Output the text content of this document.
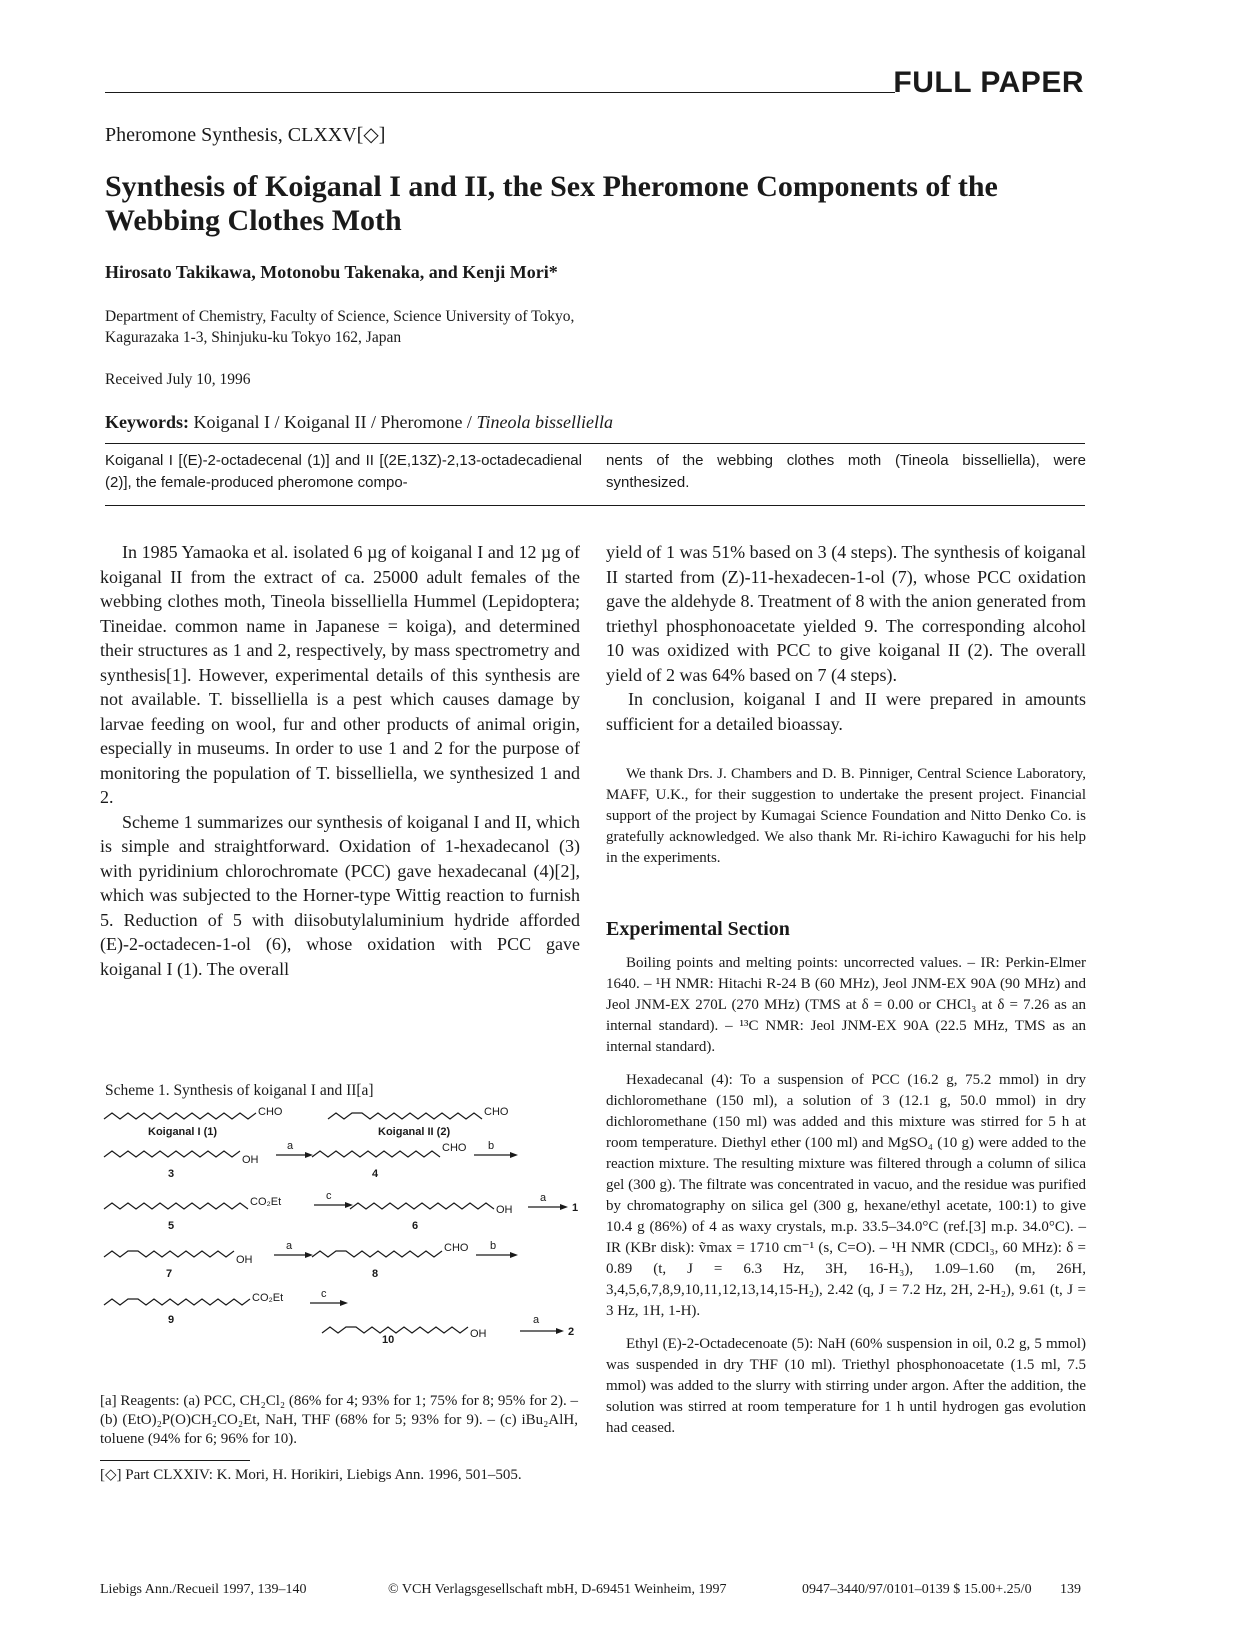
FULL PAPER
Pheromone Synthesis, CLXXV[◇]
Synthesis of Koiganal I and II, the Sex Pheromone Components of the Webbing Clothes Moth
Hirosato Takikawa, Motonobu Takenaka, and Kenji Mori*
Department of Chemistry, Faculty of Science, Science University of Tokyo,
Kagurazaka 1-3, Shinjuku-ku Tokyo 162, Japan
Received July 10, 1996
Keywords: Koiganal I / Koiganal II / Pheromone / Tineola bisselliella
Koiganal I [(E)-2-octadecenal (1)] and II [(2E,13Z)-2,13-octadecadienal (2)], the female-produced pheromone compo-
nents of the webbing clothes moth (Tineola bisselliella), were synthesized.

In 1985 Yamaoka et al. isolated 6 µg of koiganal I and 12 µg of koiganal II from the extract of ca. 25000 adult females of the webbing clothes moth, Tineola bisselliella Hummel (Lepidoptera; Tineidae. common name in Japanese = koiga), and determined their structures as 1 and 2, respectively, by mass spectrometry and synthesis[1]. However, experimental details of this synthesis are not available. T. bisselliella is a pest which causes damage by larvae feeding on wool, fur and other products of animal origin, especially in museums. In order to use 1 and 2 for the purpose of monitoring the population of T. bisselliella, we synthesized 1 and 2.

Scheme 1 summarizes our synthesis of koiganal I and II, which is simple and straightforward. Oxidation of 1-hexadecanol (3) with pyridinium chlorochromate (PCC) gave hexadecanal (4)[2], which was subjected to the Horner-type Wittig reaction to furnish 5. Reduction of 5 with diisobutylaluminium hydride afforded (E)-2-octadecen-1-ol (6), whose oxidation with PCC gave koiganal I (1). The overall

Scheme 1. Synthesis of koiganal I and II[a]
CHO
Koiganal I (1)
CHO
Koiganal II (2)
OH
3
a	CHO
4
b
CO₂Et
5
c
OH
6
a
1
OH
7
a	CHO
8
b
CO₂Et
9
c
OH
10
a
2
[a] Reagents: (a) PCC, CH₂Cl₂ (86% for 4; 93% for 1; 75% for 8; 95% for 2). – (b) (EtO)₂P(O)CH₂CO₂Et, NaH, THF (68% for 5; 93% for 9). – (c) iBu₂AlH, toluene (94% for 6; 96% for 10).
[◇] Part CLXXIV: K. Mori, H. Horikiri, Liebigs Ann. 1996, 501–505.

yield of 1 was 51% based on 3 (4 steps). The synthesis of koiganal II started from (Z)-11-hexadecen-1-ol (7), whose PCC oxidation gave the aldehyde 8. Treatment of 8 with the anion generated from triethyl phosphonoacetate yielded 9. The corresponding alcohol 10 was oxidized with PCC to give koiganal II (2). The overall yield of 2 was 64% based on 7 (4 steps).

In conclusion, koiganal I and II were prepared in amounts sufficient for a detailed bioassay.

We thank Drs. J. Chambers and D. B. Pinniger, Central Science Laboratory, MAFF, U.K., for their suggestion to undertake the present project. Financial support of the project by Kumagai Science Foundation and Nitto Denko Co. is gratefully acknowledged. We also thank Mr. Ri-ichiro Kawaguchi for his help in the experiments.

Experimental Section

Boiling points and melting points: uncorrected values. – IR: Perkin-Elmer 1640. – ¹H NMR: Hitachi R-24 B (60 MHz), Jeol JNM-EX 90A (90 MHz) and Jeol JNM-EX 270L (270 MHz) (TMS at δ = 0.00 or CHCl₃ at δ = 7.26 as an internal standard). – ¹³C NMR: Jeol JNM-EX 90A (22.5 MHz, TMS as an internal standard).

Hexadecanal (4): To a suspension of PCC (16.2 g, 75.2 mmol) in dry dichloromethane (150 ml), a solution of 3 (12.1 g, 50.0 mmol) in dry dichloromethane (150 ml) was added and this mixture was stirred for 5 h at room temperature. Diethyl ether (100 ml) and MgSO₄ (10 g) were added to the reaction mixture. The resulting mixture was filtered through a column of silica gel (300 g). The filtrate was concentrated in vacuo, and the residue was purified by chromatography on silica gel (300 g, hexane/ethyl acetate, 100:1) to give 10.4 g (86%) of 4 as waxy crystals, m.p. 33.5–34.0°C (ref.[3] m.p. 34.0°C). – IR (KBr disk): ṽmax = 1710 cm⁻¹ (s, C=O). – ¹H NMR (CDCl₃, 60 MHz): δ = 0.89 (t, J = 6.3 Hz, 3H, 16-H₃), 1.09–1.60 (m, 26H, 3,4,5,6,7,8,9,10,11,12,13,14,15-H₂), 2.42 (q, J = 7.2 Hz, 2H, 2-H₂), 9.61 (t, J = 3 Hz, 1H, 1-H).

Ethyl (E)-2-Octadecenoate (5): NaH (60% suspension in oil, 0.2 g, 5 mmol) was suspended in dry THF (10 ml). Triethyl phosphonoacetate (1.5 ml, 7.5 mmol) was added to the slurry with stirring under argon. After the addition, the solution was stirred at room temperature for 1 h until hydrogen gas evolution had ceased.

Liebigs Ann./Recueil 1997, 139–140	© VCH Verlagsgesellschaft mbH, D-69451 Weinheim, 1997	0947–3440/97/0101–0139 $ 15.00+.25/0 139
